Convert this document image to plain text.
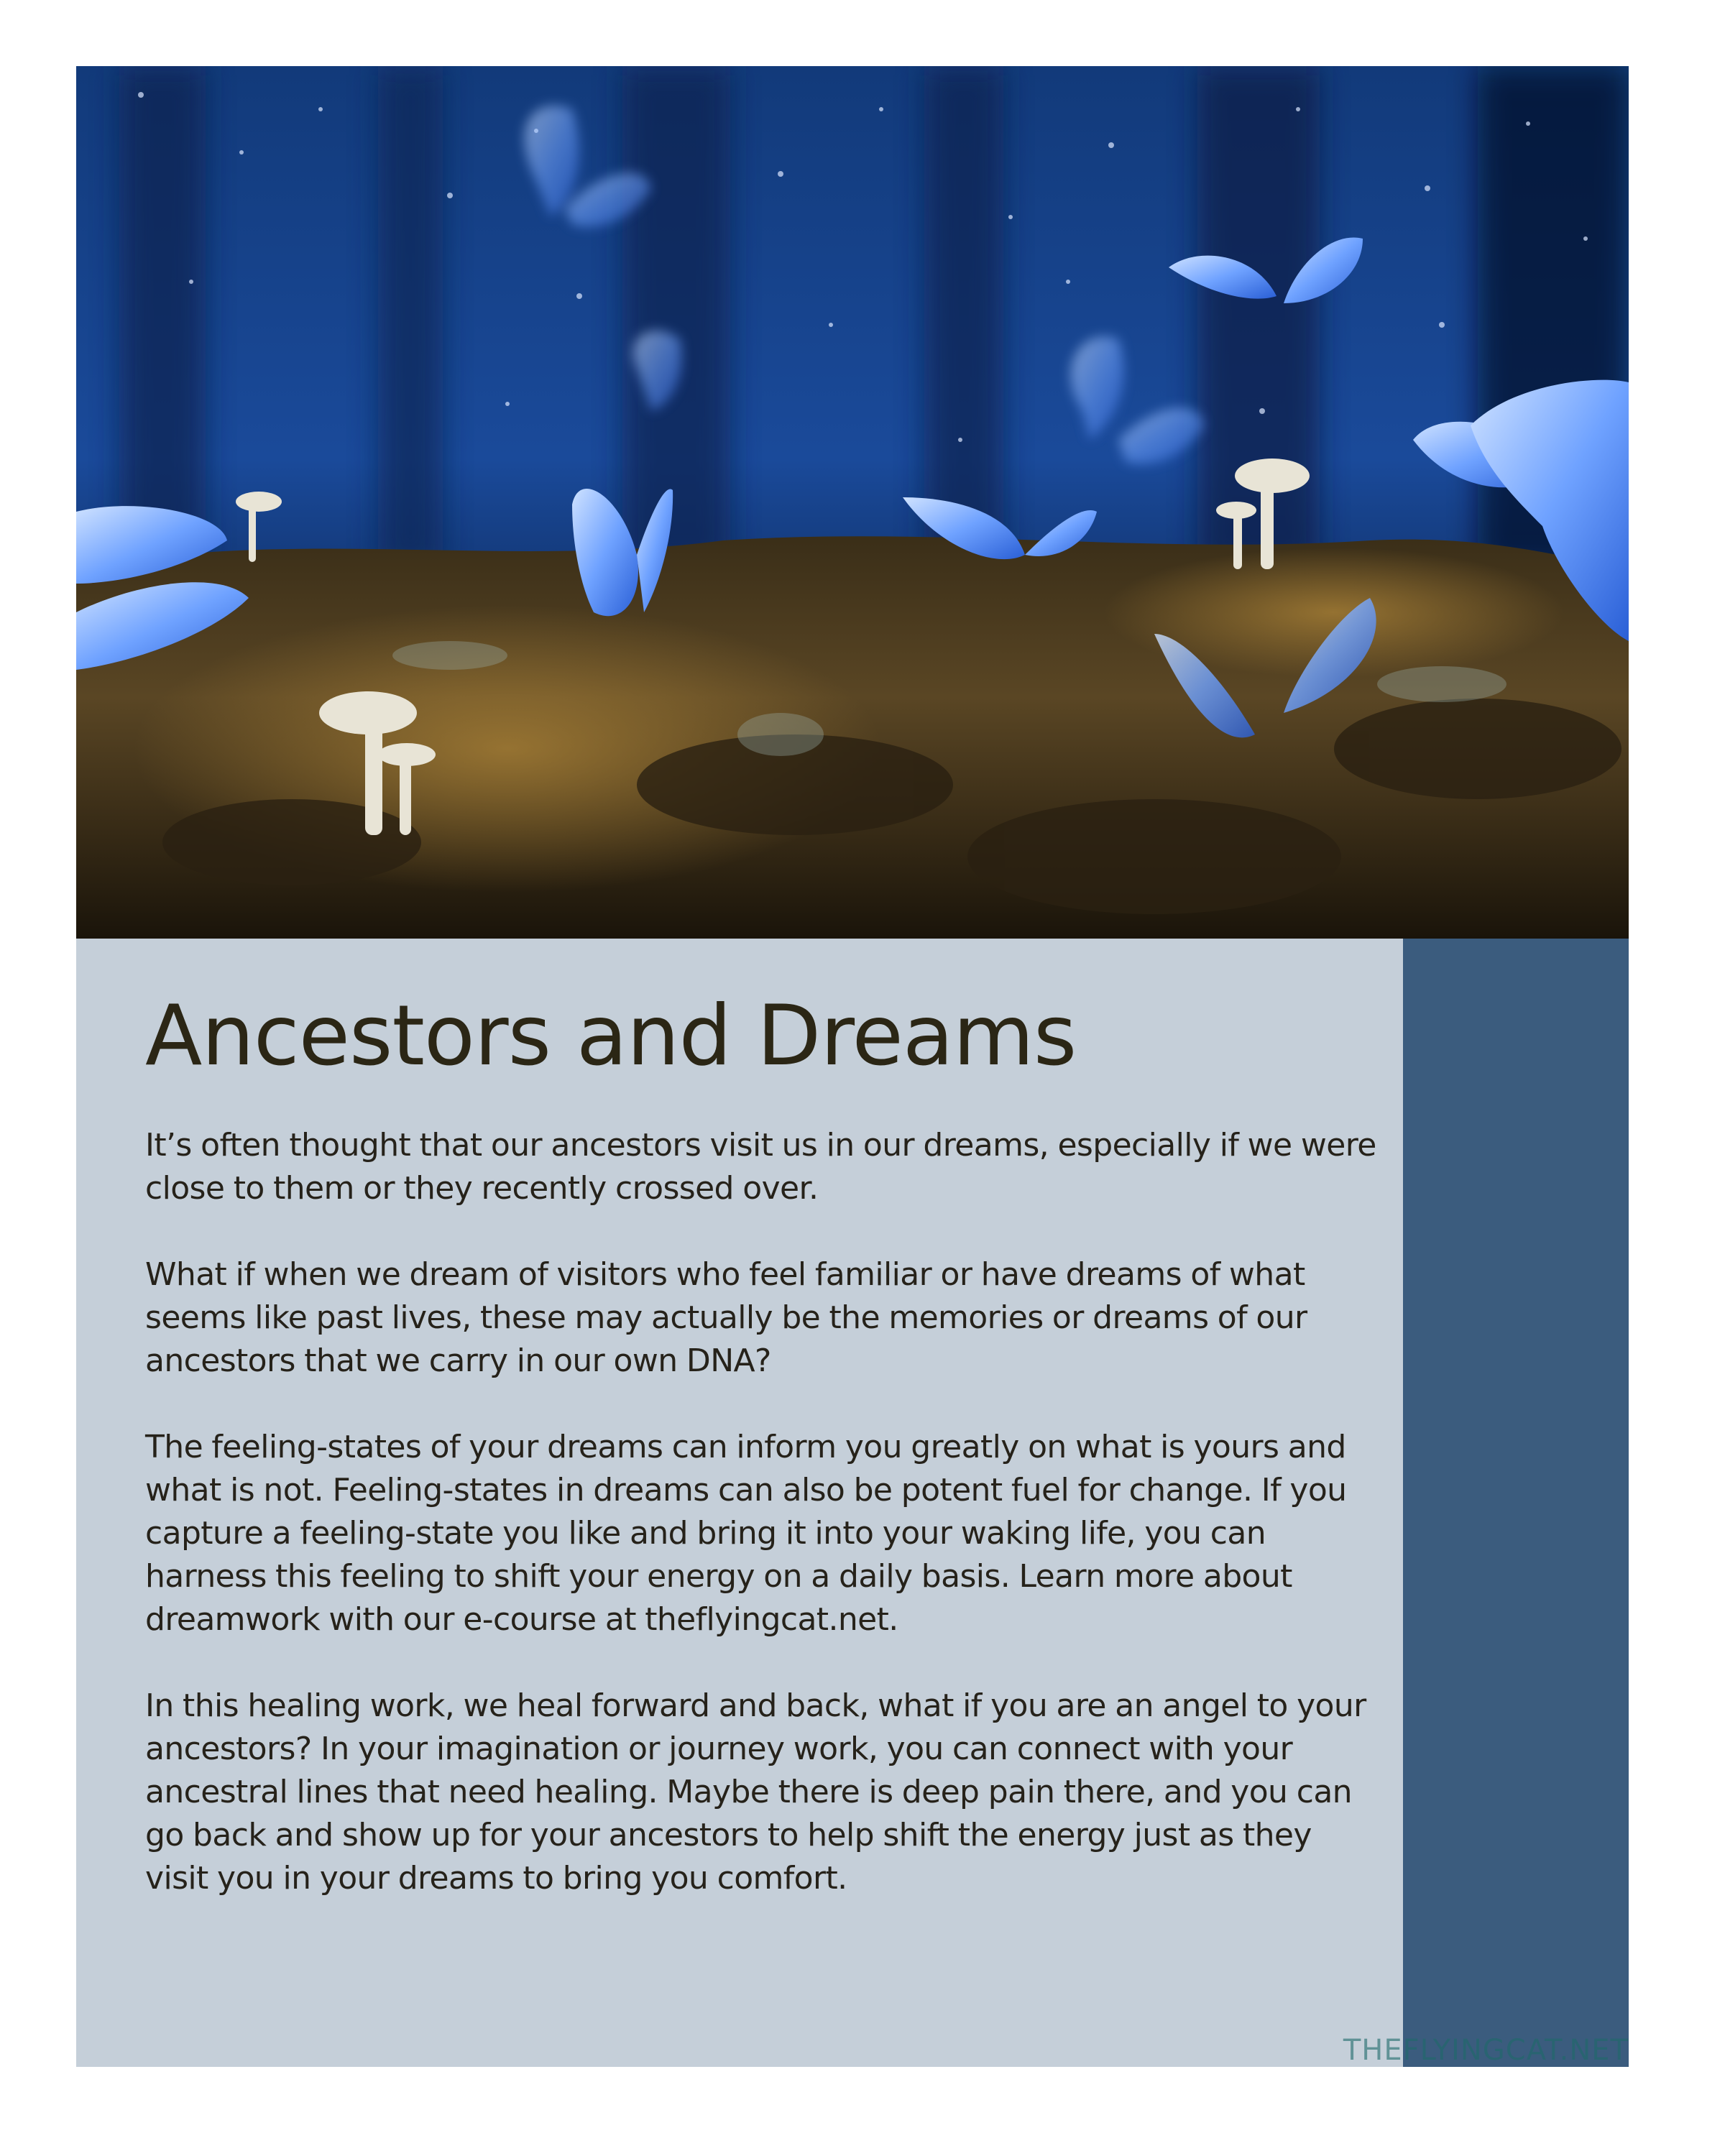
Ancestors and Dreams

It’s often thought that our ancestors visit us in our dreams, especially if we were close to them or they recently crossed over.

What if when we dream of visitors who feel familiar or have dreams of what seems like past lives, these may actually be the memories or dreams of our ancestors that we carry in our own DNA?

The feeling-states of your dreams can inform you greatly on what is yours and what is not. Feeling-states in dreams can also be potent fuel for change. If you capture a feeling-state you like and bring it into your waking life, you can harness this feeling to shift your energy on a daily basis. Learn more about dreamwork with our e-course at theflyingcat.net.

In this healing work, we heal forward and back, what if you are an angel to your ancestors? In your imagination or journey work, you can connect with your ancestral lines that need healing. Maybe there is deep pain there, and you can go back and show up for your ancestors to help shift the energy just as they visit you in your dreams to bring you comfort.

THEFLYINGCAT.NET
